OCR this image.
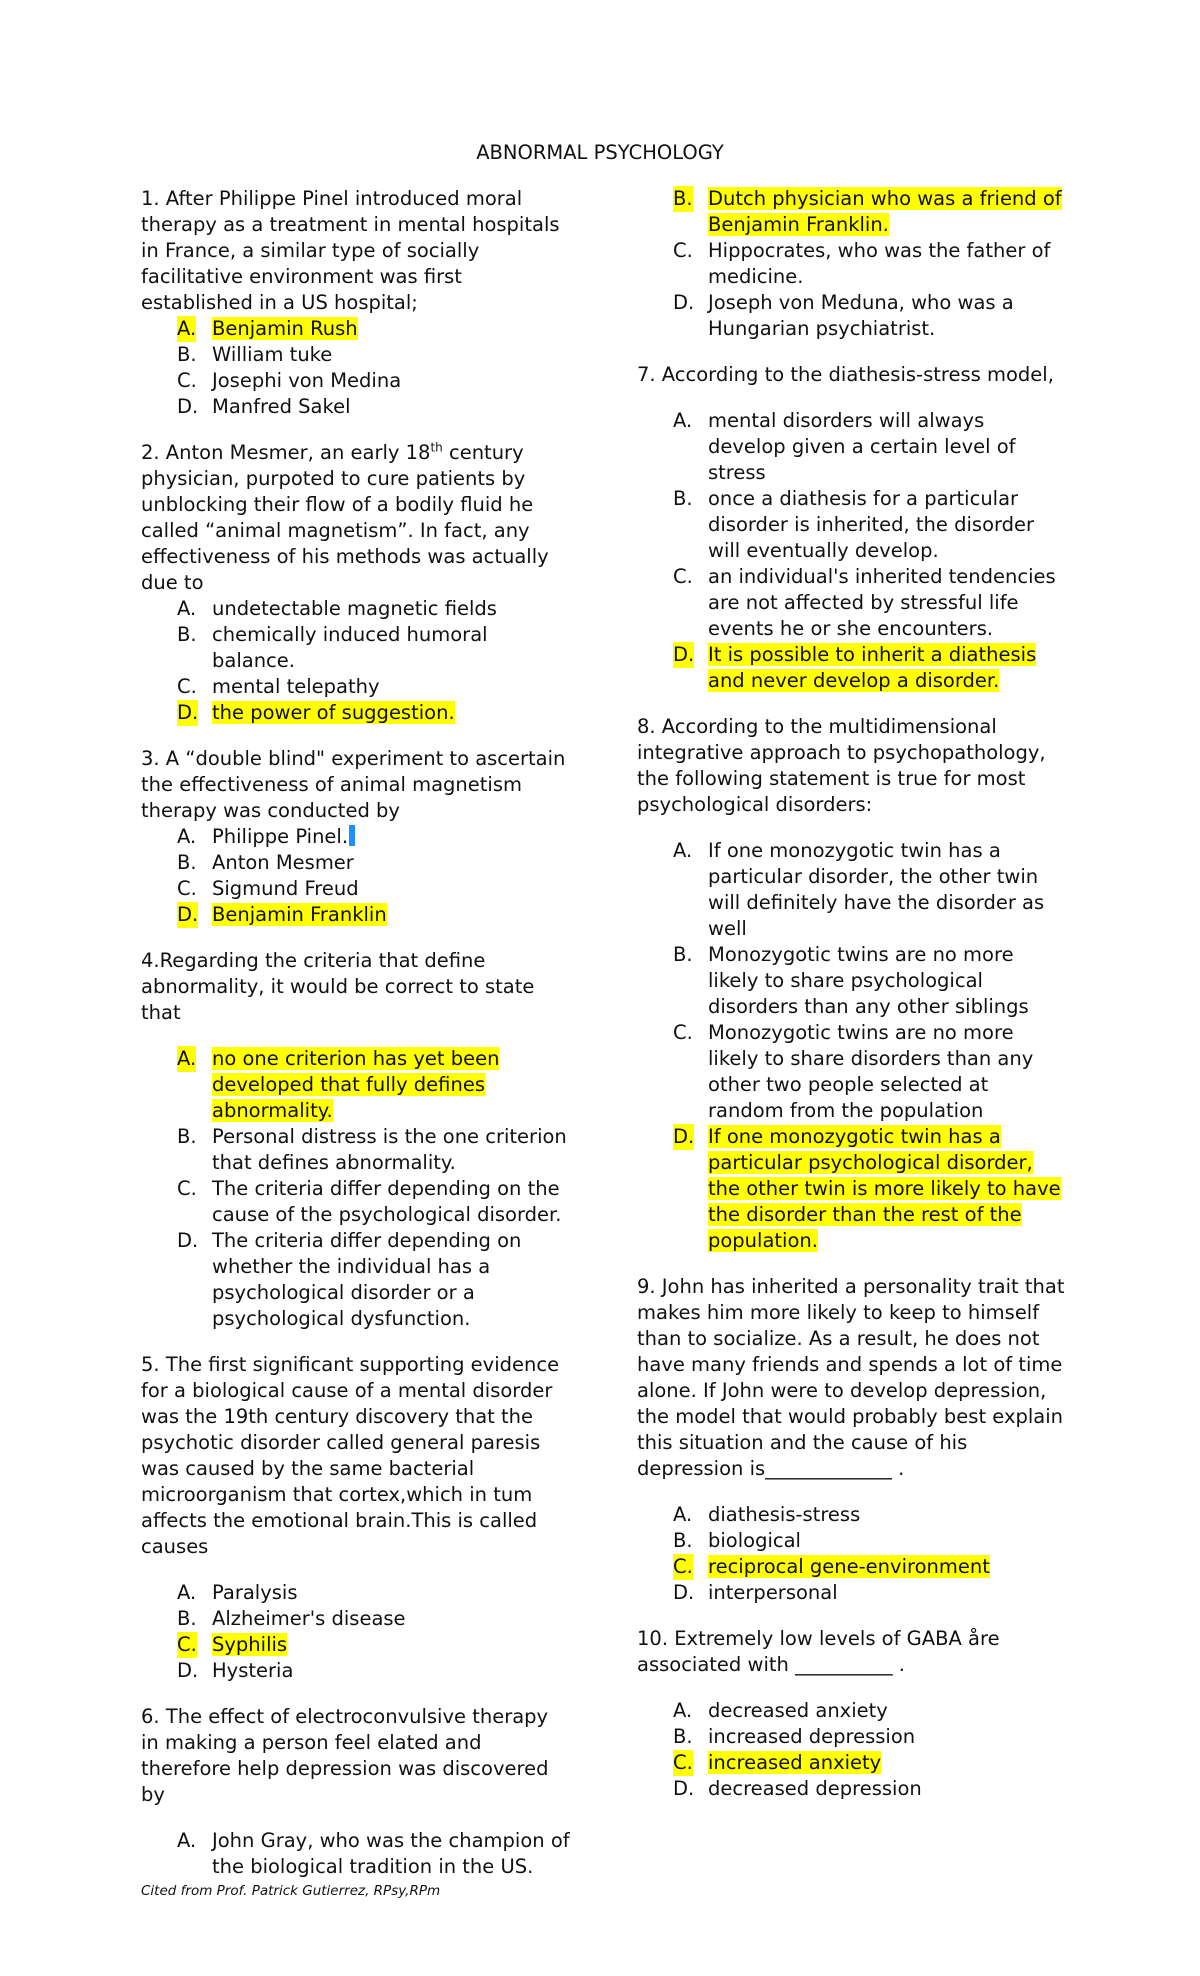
ABNORMAL PSYCHOLOGY

1. After Philippe Pinel introduced moral therapy as a treatment in mental hospitals in France, a similar type of socially facilitative environment was first established in a US hospital;

A. Benjamin Rush
B. William tuke
C. Josephi von Medina
D. Manfred Sakel

2. Anton Mesmer, an early 18th century physician, purpoted to cure patients by unblocking their flow of a bodily fluid he called “animal magnetism”. In fact, any effectiveness of his methods was actually due to

A. undetectable magnetic fields
B. chemically induced humoral balance.
C. mental telepathy
D. the power of suggestion.

3. A “double blind" experiment to ascertain the effectiveness of animal magnetism therapy was conducted by

A. Philippe Pinel.
B. Anton Mesmer
C. Sigmund Freud
D. Benjamin Franklin

4.Regarding the criteria that define abnormality, it would be correct to state that

A. no one criterion has yet been developed that fully defines abnormality.
B. Personal distress is the one criterion that defines abnormality.
C. The criteria differ depending on the cause of the psychological disorder.
D. The criteria differ depending on whether the individual has a psychological disorder or a psychological dysfunction.

5. The first significant supporting evidence for a biological cause of a mental disorder was the 19th century discovery that the psychotic disorder called general paresis was caused by the same bacterial microorganism that cortex,which in tum affects the emotional brain.This is called causes

A. Paralysis
B. Alzheimer's disease
C. Syphilis
D. Hysteria

6. The effect of electroconvulsive therapy in making a person feel elated and therefore help depression was discovered by

A. John Gray, who was the champion of the biological tradition in the US.
B. Dutch physician who was a friend of Benjamin Franklin.
C. Hippocrates, who was the father of medicine.
D. Joseph von Meduna, who was a Hungarian psychiatrist.

7. According to the diathesis-stress model,

A. mental disorders will always develop given a certain level of stress
B. once a diathesis for a particular disorder is inherited, the disorder will eventually develop.
C. an individual's inherited tendencies are not affected by stressful life events he or she encounters.
D. It is possible to inherit a diathesis and never develop a disorder.

8. According to the multidimensional integrative approach to psychopathology, the following statement is true for most psychological disorders:

A. If one monozygotic twin has a particular disorder, the other twin will definitely have the disorder as well
B. Monozygotic twins are no more likely to share psychological disorders than any other siblings
C. Monozygotic twins are no more likely to share disorders than any other two people selected at random from the population
D. If one monozygotic twin has a particular psychological disorder, the other twin is more likely to have the disorder than the rest of the population.

9. John has inherited a personality trait that makes him more likely to keep to himself than to socialize. As a result, he does not have many friends and spends a lot of time alone. If John were to develop depression, the model that would probably best explain this situation and the cause of his depression is_____________ .

A. diathesis-stress
B. biological
C. reciprocal gene-environment
D. interpersonal

10. Extremely low levels of GABA åre associated with __________ .

A. decreased anxiety
B. increased depression
C. increased anxiety
D. decreased depression
Cited from Prof. Patrick Gutierrez, RPsy,RPm
